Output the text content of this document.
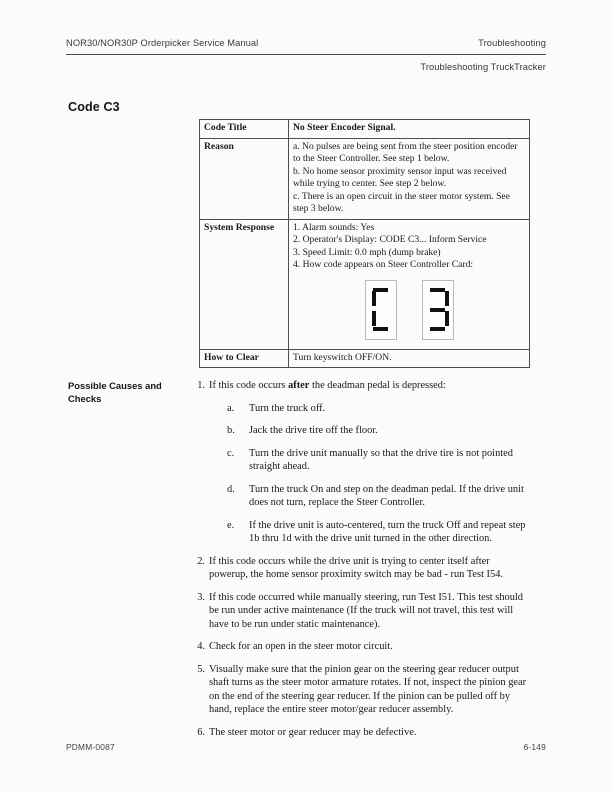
NOR30/NOR30P Orderpicker Service Manual	Troubleshooting
Troubleshooting TruckTracker
Code C3
Code Title	No Steer Encoder Signal.
Reason	a. No pulses are being sent from the steer position encoder to the Steer Controller. See step 1 below.

b. No home sensor proximity sensor input was received while trying to center. See step 2 below.

c. There is an open circuit in the steer motor system. See step 3 below.

System Response	1. Alarm sounds: Yes

2. Operator's Display: CODE C3... Inform Service

3. Speed Limit: 0.0 mph (dump brake)

4. How code appears on Steer Controller Card:

How to Clear	Turn keyswitch OFF/ON.
Possible Causes and Checks
1. If this code occurs after the deadman pedal is depressed:
a.	Turn the truck off.
b.	Jack the drive tire off the floor.
c.	Turn the drive unit manually so that the drive tire is not pointed straight ahead.
d.	Turn the truck On and step on the deadman pedal. If the drive unit does not turn, replace the Steer Controller.
e.	If the drive unit is auto-centered, turn the truck Off and repeat step 1b thru 1d with the drive unit turned in the other direction.
2. If this code occurs while the drive unit is trying to center itself after powerup, the home sensor proximity switch may be bad - run Test I54.
3. If this code occurred while manually steering, run Test I51. This test should be run under active maintenance (If the truck will not travel, this test will have to be run under static maintenance).
4. Check for an open in the steer motor circuit.
5. Visually make sure that the pinion gear on the steering gear reducer output shaft turns as the steer motor armature rotates. If not, inspect the pinion gear on the end of the steering gear reducer. If the pinion can be pulled off by hand, replace the entire steer motor/gear reducer assembly.
6. The steer motor or gear reducer may be defective.
PDMM-0087	6-149
